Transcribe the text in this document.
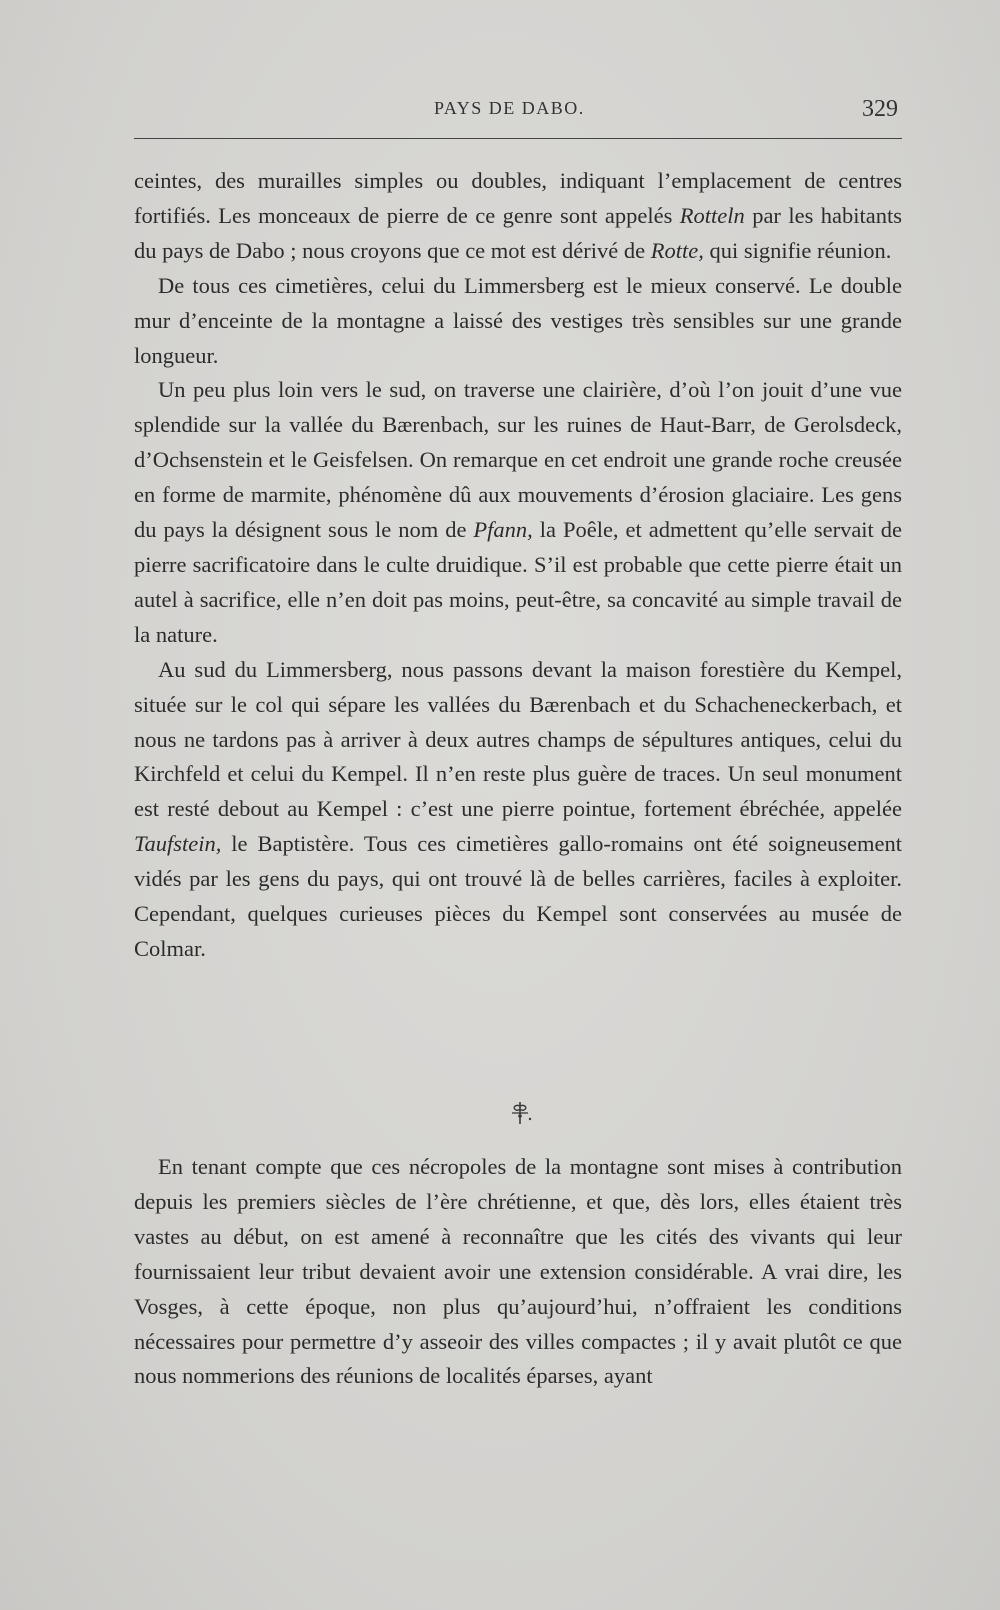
PAYS DE DABO.	329

ceintes, des murailles simples ou doubles, indiquant l’emplacement de centres fortifiés. Les monceaux de pierre de ce genre sont appelés Rotteln par les habitants du pays de Dabo ; nous croyons que ce mot est dérivé de Rotte, qui signifie réunion.

De tous ces cimetières, celui du Limmersberg est le mieux conservé. Le double mur d’enceinte de la montagne a laissé des vestiges très sensibles sur une grande longueur.

Un peu plus loin vers le sud, on traverse une clairière, d’où l’on jouit d’une vue splendide sur la vallée du Bærenbach, sur les ruines de Haut-Barr, de Gerolsdeck, d’Ochsenstein et le Geisfelsen. On remarque en cet endroit une grande roche creusée en forme de marmite, phénomène dû aux mouvements d’érosion glaciaire. Les gens du pays la désignent sous le nom de Pfann, la Poêle, et admettent qu’elle servait de pierre sacrificatoire dans le culte druidique. S’il est probable que cette pierre était un autel à sacrifice, elle n’en doit pas moins, peut-être, sa concavité au simple travail de la nature.

Au sud du Limmersberg, nous passons devant la maison forestière du Kempel, située sur le col qui sépare les vallées du Bærenbach et du Schacheneckerbach, et nous ne tardons pas à arriver à deux autres champs de sépultures antiques, celui du Kirchfeld et celui du Kempel. Il n’en reste plus guère de traces. Un seul monument est resté debout au Kempel : c’est une pierre pointue, fortement ébréchée, appelée Taufstein, le Baptistère. Tous ces cimetières gallo-romains ont été soigneusement vidés par les gens du pays, qui ont trouvé là de belles carrières, faciles à exploiter. Cependant, quelques curieuses pièces du Kempel sont conservées au musée de Colmar.

En tenant compte que ces nécropoles de la montagne sont mises à contribution depuis les premiers siècles de l’ère chrétienne, et que, dès lors, elles étaient très vastes au début, on est amené à reconnaître que les cités des vivants qui leur fournissaient leur tribut devaient avoir une extension considérable. A vrai dire, les Vosges, à cette époque, non plus qu’aujourd’hui, n’offraient les conditions nécessaires pour permettre d’y asseoir des villes compactes ; il y avait plutôt ce que nous nommerions des réunions de localités éparses, ayant
